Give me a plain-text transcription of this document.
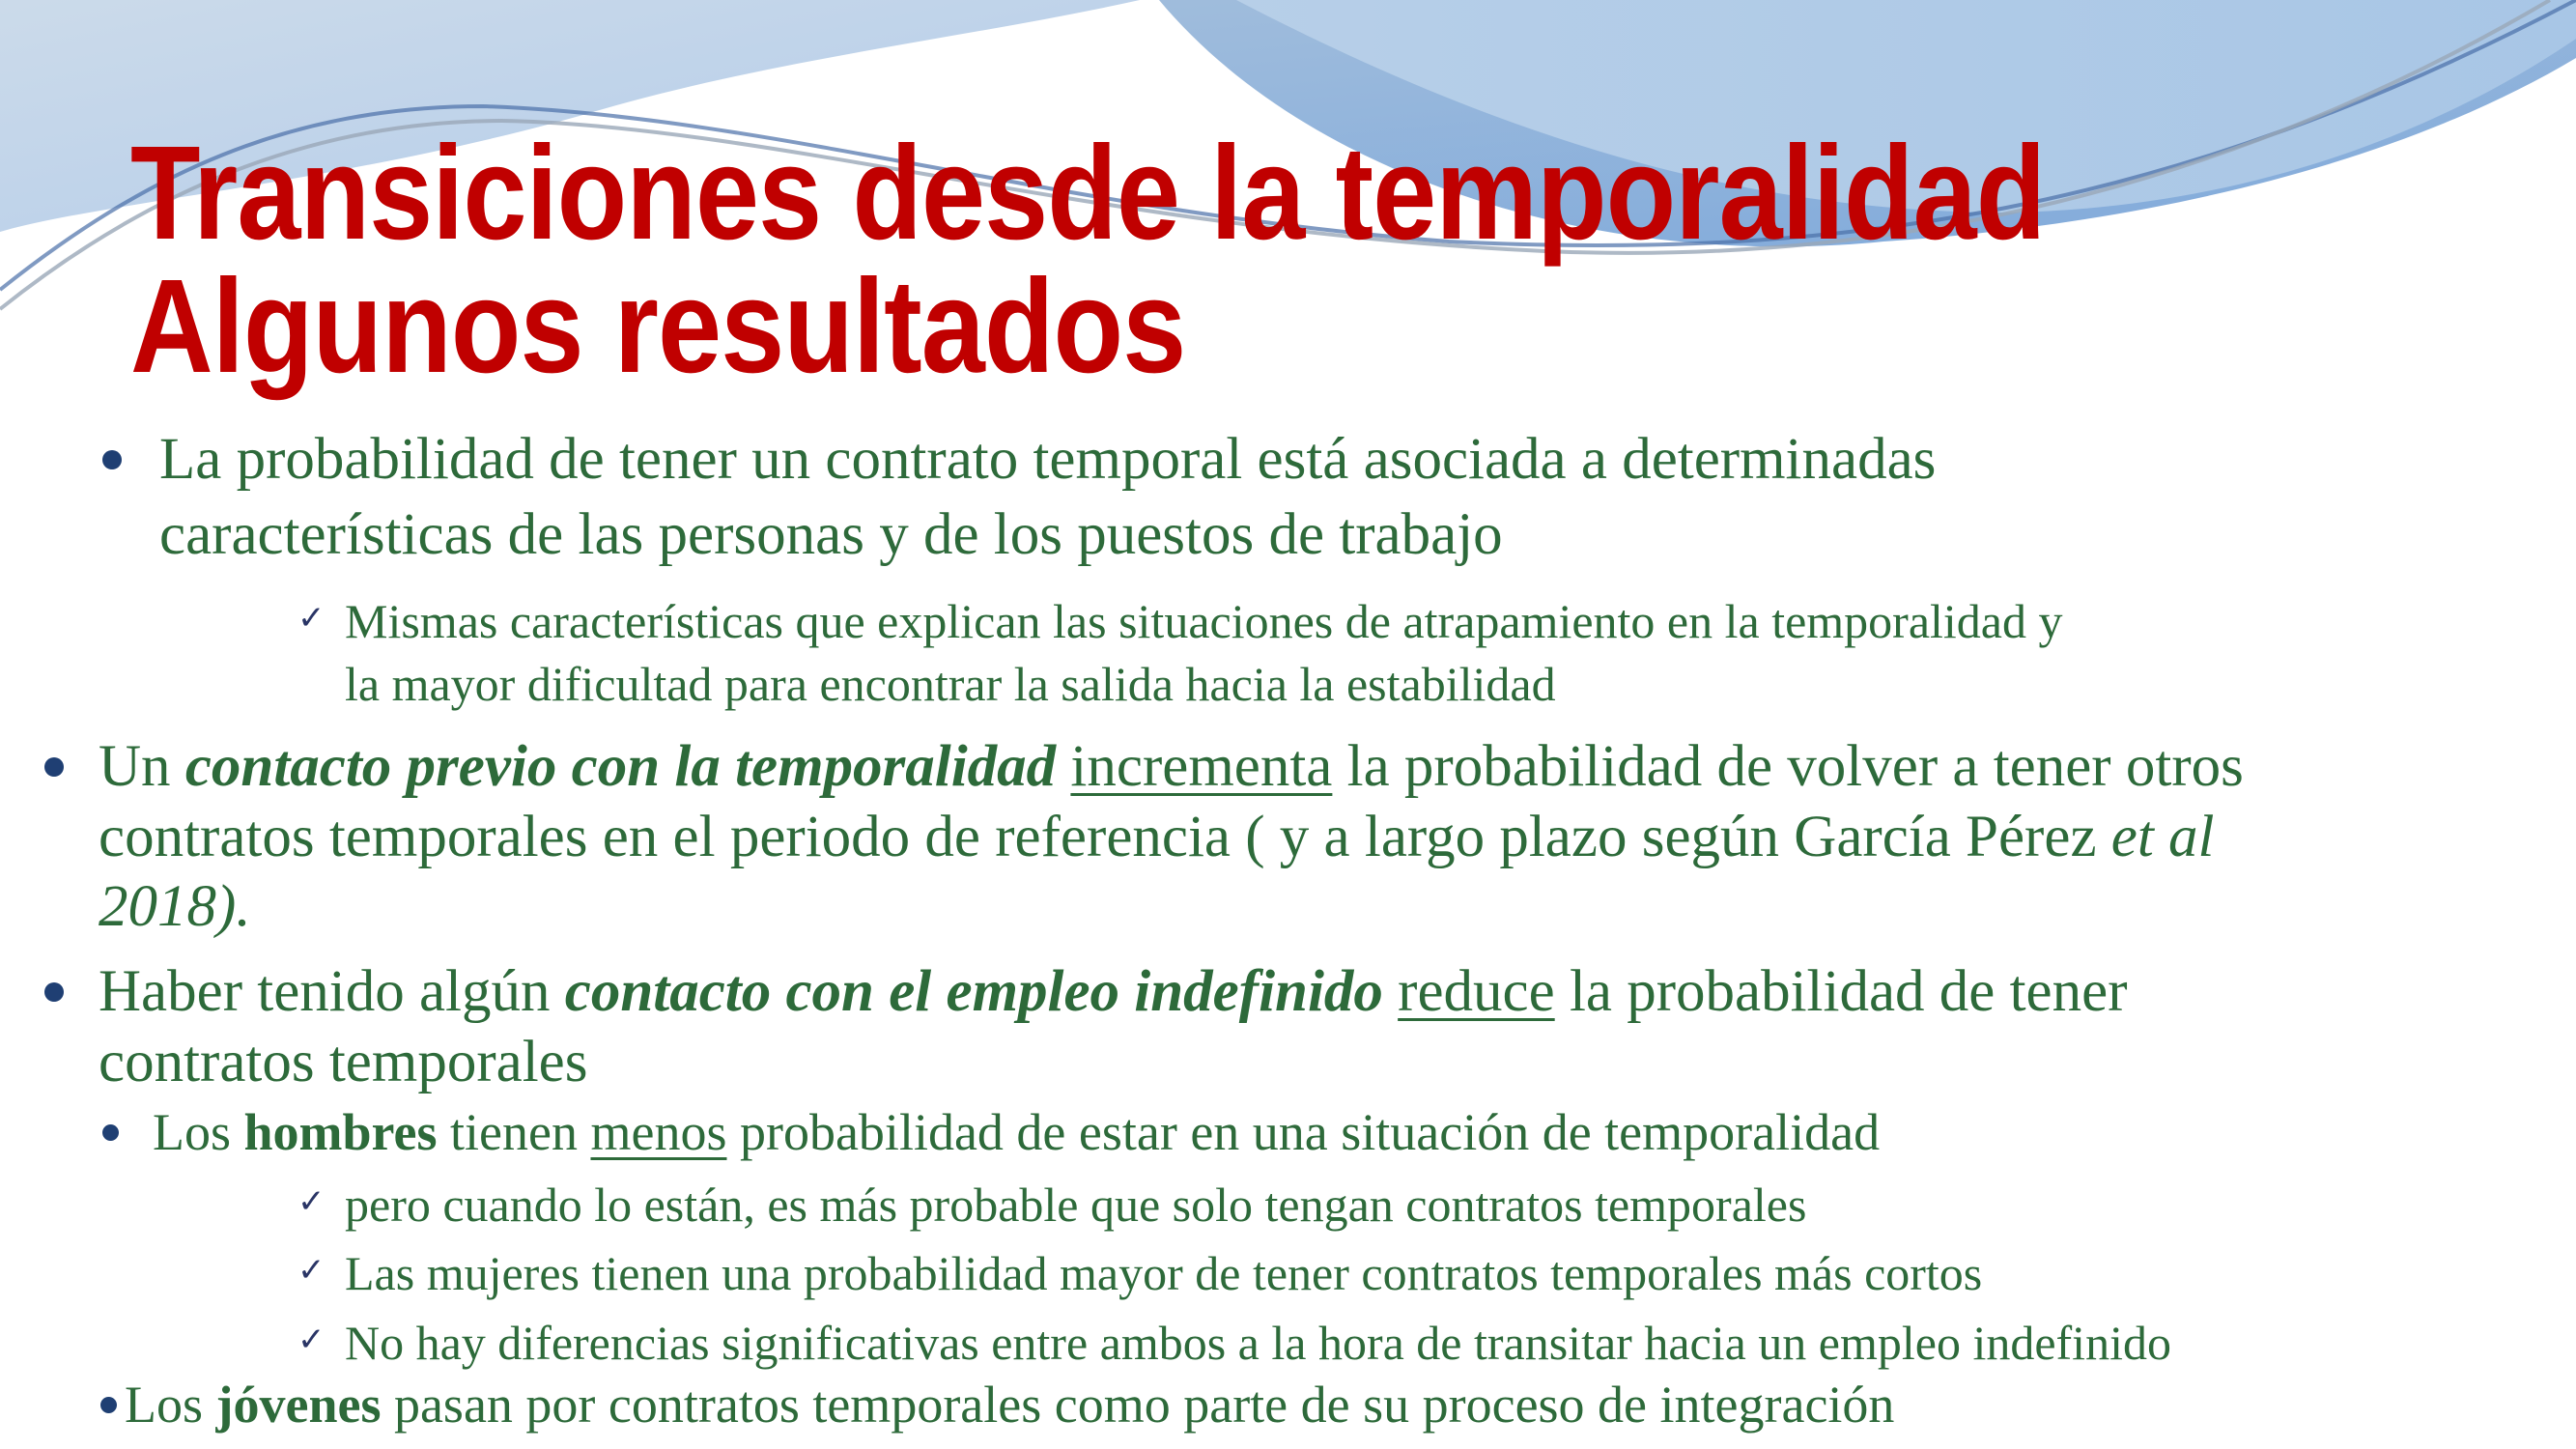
Transiciones desde la temporalidad
Algunos resultados
La probabilidad de tener un contrato temporal está asociada a determinadas
características de las personas y de los puestos de trabajo
✓ Mismas características que explican las situaciones de atrapamiento en la temporalidad y
la mayor dificultad para encontrar la salida hacia la estabilidad
Un contacto previo con la temporalidad incrementa la probabilidad de volver a tener otros
contratos temporales en el periodo de referencia ( y a largo plazo según García Pérez et al
2018).
Haber tenido algún contacto con el empleo indefinido reduce la probabilidad de tener
contratos temporales
Los hombres tienen menos probabilidad de estar en una situación de temporalidad
✓ pero cuando lo están, es más probable que solo tengan contratos temporales
✓ Las mujeres tienen una probabilidad mayor de tener contratos temporales más cortos
✓ No hay diferencias significativas entre ambos a la hora de transitar hacia un empleo indefinido
Los jóvenes pasan por contratos temporales como parte de su proceso de integración
